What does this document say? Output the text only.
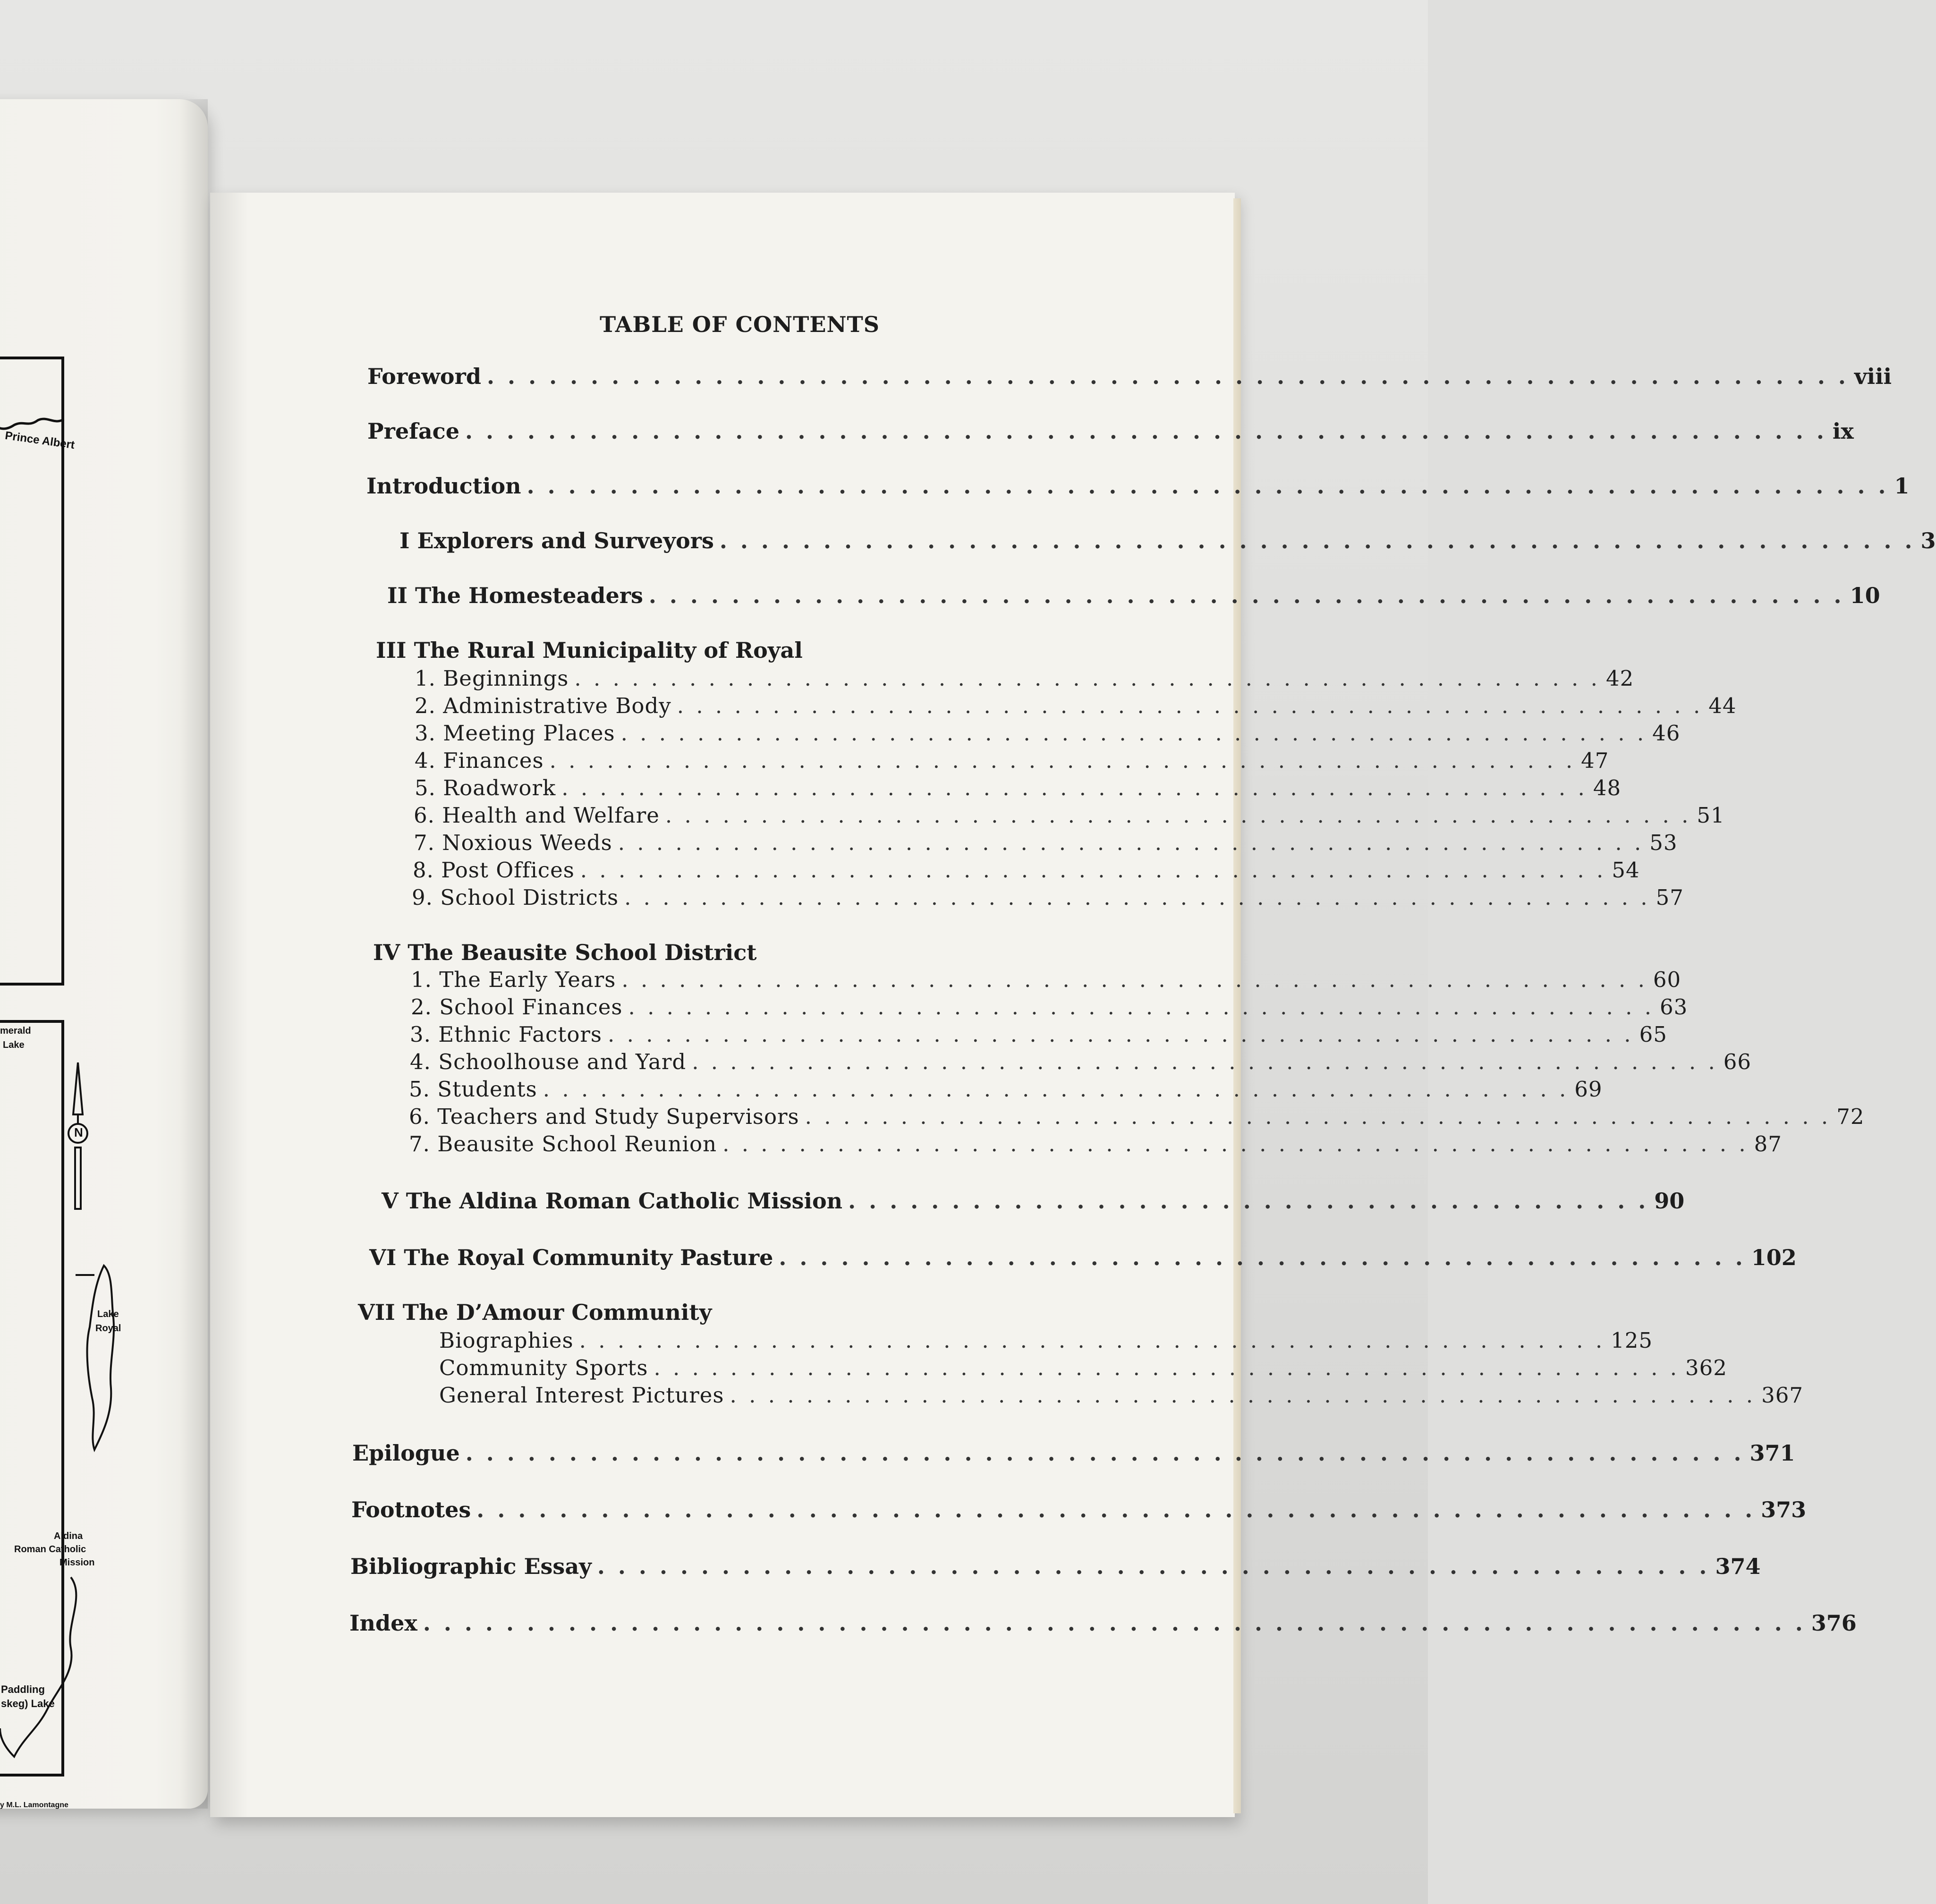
Prince Albert
merald
Lake
N
Lake
Royal
Aldina
Roman Catholic
Mission
Paddling
skeg) Lake
y M.L. Lamontagne
TABLE OF CONTENTS
Foreword . . . . . . . . . . . . . . . . . . . . . . . . . . . . . . . . . . . . . . . . . . . . . . . . . . . . . . . . . . . . . . . . . . viii
Preface . . . . . . . . . . . . . . . . . . . . . . . . . . . . . . . . . . . . . . . . . . . . . . . . . . . . . . . . . . . . . . . . . . ix
Introduction . . . . . . . . . . . . . . . . . . . . . . . . . . . . . . . . . . . . . . . . . . . . . . . . . . . . . . . . . . . . . . . . . . 1
I Explorers and Surveyors . . . . . . . . . . . . . . . . . . . . . . . . . . . . . . . . . . . . . . . . . . . . . . . . . . . . . . . . . . 3
II The Homesteaders . . . . . . . . . . . . . . . . . . . . . . . . . . . . . . . . . . . . . . . . . . . . . . . . . . . . . . . . . . 10
III The Rural Municipality of Royal
1. Beginnings . . . . . . . . . . . . . . . . . . . . . . . . . . . . . . . . . . . . . . . . . . . . . . . . . . . . . . 42
2. Administrative Body . . . . . . . . . . . . . . . . . . . . . . . . . . . . . . . . . . . . . . . . . . . . . . . . . . . . . . 44
3. Meeting Places . . . . . . . . . . . . . . . . . . . . . . . . . . . . . . . . . . . . . . . . . . . . . . . . . . . . . . 46
4. Finances . . . . . . . . . . . . . . . . . . . . . . . . . . . . . . . . . . . . . . . . . . . . . . . . . . . . . . 47
5. Roadwork . . . . . . . . . . . . . . . . . . . . . . . . . . . . . . . . . . . . . . . . . . . . . . . . . . . . . . 48
6. Health and Welfare . . . . . . . . . . . . . . . . . . . . . . . . . . . . . . . . . . . . . . . . . . . . . . . . . . . . . . 51
7. Noxious Weeds . . . . . . . . . . . . . . . . . . . . . . . . . . . . . . . . . . . . . . . . . . . . . . . . . . . . . . 53
8. Post Offices . . . . . . . . . . . . . . . . . . . . . . . . . . . . . . . . . . . . . . . . . . . . . . . . . . . . . . 54
9. School Districts . . . . . . . . . . . . . . . . . . . . . . . . . . . . . . . . . . . . . . . . . . . . . . . . . . . . . . 57
IV The Beausite School District
1. The Early Years . . . . . . . . . . . . . . . . . . . . . . . . . . . . . . . . . . . . . . . . . . . . . . . . . . . . . . 60
2. School Finances . . . . . . . . . . . . . . . . . . . . . . . . . . . . . . . . . . . . . . . . . . . . . . . . . . . . . . 63
3. Ethnic Factors . . . . . . . . . . . . . . . . . . . . . . . . . . . . . . . . . . . . . . . . . . . . . . . . . . . . . . 65
4. Schoolhouse and Yard . . . . . . . . . . . . . . . . . . . . . . . . . . . . . . . . . . . . . . . . . . . . . . . . . . . . . . 66
5. Students . . . . . . . . . . . . . . . . . . . . . . . . . . . . . . . . . . . . . . . . . . . . . . . . . . . . . . 69
6. Teachers and Study Supervisors . . . . . . . . . . . . . . . . . . . . . . . . . . . . . . . . . . . . . . . . . . . . . . . . . . . . . . 72
7. Beausite School Reunion . . . . . . . . . . . . . . . . . . . . . . . . . . . . . . . . . . . . . . . . . . . . . . . . . . . . . . 87
V The Aldina Roman Catholic Mission . . . . . . . . . . . . . . . . . . . . . . . . . . . . . . . . . . . . . . . 90
VI The Royal Community Pasture . . . . . . . . . . . . . . . . . . . . . . . . . . . . . . . . . . . . . . . . . . . . . . . 102
VII The D’Amour Community
Biographies . . . . . . . . . . . . . . . . . . . . . . . . . . . . . . . . . . . . . . . . . . . . . . . . . . . . . . 125
Community Sports . . . . . . . . . . . . . . . . . . . . . . . . . . . . . . . . . . . . . . . . . . . . . . . . . . . . . . 362
General Interest Pictures . . . . . . . . . . . . . . . . . . . . . . . . . . . . . . . . . . . . . . . . . . . . . . . . . . . . . . 367
Epilogue . . . . . . . . . . . . . . . . . . . . . . . . . . . . . . . . . . . . . . . . . . . . . . . . . . . . . . . . . . . . . . 371
Footnotes . . . . . . . . . . . . . . . . . . . . . . . . . . . . . . . . . . . . . . . . . . . . . . . . . . . . . . . . . . . . . . 373
Bibliographic Essay . . . . . . . . . . . . . . . . . . . . . . . . . . . . . . . . . . . . . . . . . . . . . . . . . . . . . . 374
Index . . . . . . . . . . . . . . . . . . . . . . . . . . . . . . . . . . . . . . . . . . . . . . . . . . . . . . . . . . . . . . . . . . . 376
